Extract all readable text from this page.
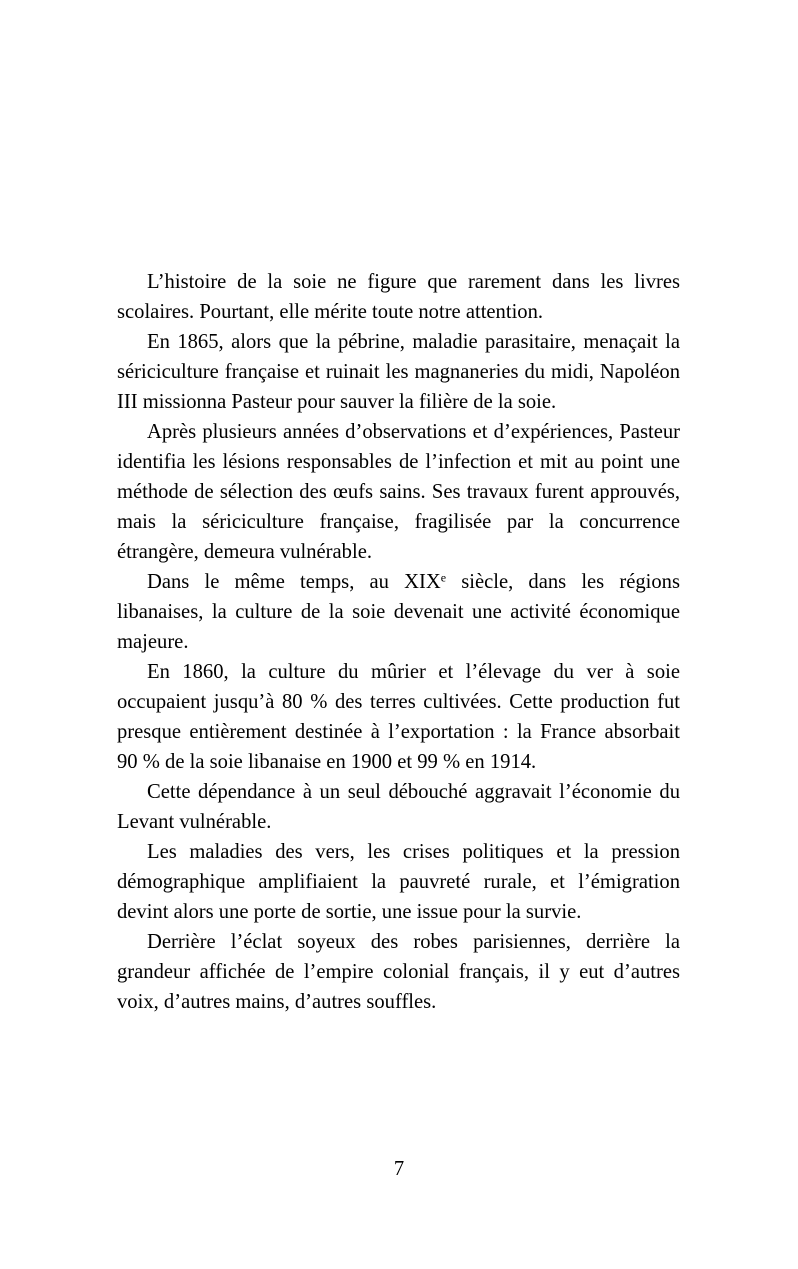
L’histoire de la soie ne figure que rarement dans les livres scolaires. Pourtant, elle mérite toute notre attention.

En 1865, alors que la pébrine, maladie parasitaire, menaçait la sériciculture française et ruinait les magnaneries du midi, Napoléon III missionna Pasteur pour sauver la filière de la soie.

Après plusieurs années d’observations et d’expériences, Pasteur identifia les lésions responsables de l’infection et mit au point une méthode de sélection des œufs sains. Ses travaux furent approuvés, mais la sériciculture française, fragilisée par la concurrence étrangère, demeura vulnérable.

Dans le même temps, au XIXe siècle, dans les régions libanaises, la culture de la soie devenait une activité économique majeure.

En 1860, la culture du mûrier et l’élevage du ver à soie occupaient jusqu’à 80 % des terres cultivées. Cette production fut presque entièrement destinée à l’exportation : la France absorbait 90 % de la soie libanaise en 1900 et 99 % en 1914.

Cette dépendance à un seul débouché aggravait l’économie du Levant vulnérable.

Les maladies des vers, les crises politiques et la pression démographique amplifiaient la pauvreté rurale, et l’émigration devint alors une porte de sortie, une issue pour la survie.

Derrière l’éclat soyeux des robes parisiennes, derrière la grandeur affichée de l’empire colonial français, il y eut d’autres voix, d’autres mains, d’autres souffles.

7
